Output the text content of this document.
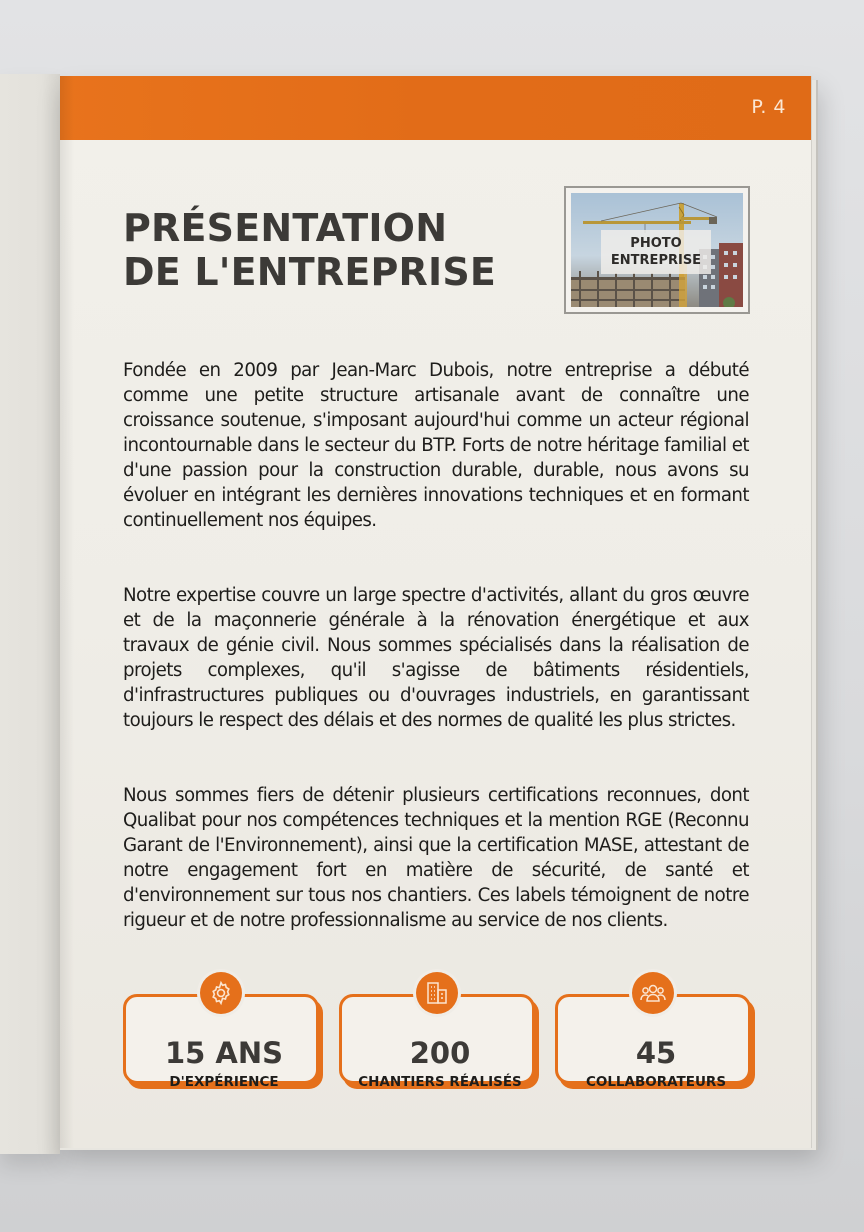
P. 4
PRÉSENTATION
DE L'ENTREPRISE
PHOTO
ENTREPRISE

Fondée en 2009 par Jean-Marc Dubois, notre entreprise a débuté comme une petite structure artisanale avant de connaître une croissance soutenue, s'imposant aujourd'hui comme un acteur régional incontournable dans le secteur du BTP. Forts de notre héritage familial et d'une passion pour la construction durable, durable, nous avons su évoluer en intégrant les dernières innovations techniques et en formant continuellement nos équipes.

Notre expertise couvre un large spectre d'activités, allant du gros œuvre et de la maçonnerie générale à la rénovation énergétique et aux travaux de génie civil. Nous sommes spécialisés dans la réalisation de projets complexes, qu'il s'agisse de bâtiments résidentiels, d'infrastructures publiques ou d'ouvrages industriels, en garantissant toujours le respect des délais et des normes de qualité les plus strictes.

Nous sommes fiers de détenir plusieurs certifications reconnues, dont Qualibat pour nos compétences techniques et la mention RGE (Reconnu Garant de l'Environnement), ainsi que la certification MASE, attestant de notre engagement fort en matière de sécurité, de santé et d'environnement sur tous nos chantiers. Ces labels témoignent de notre rigueur et de notre professionnalisme au service de nos clients.

15 ANS
D'EXPÉRIENCE
200
CHANTIERS RÉALISÉS
45
COLLABORATEURS
